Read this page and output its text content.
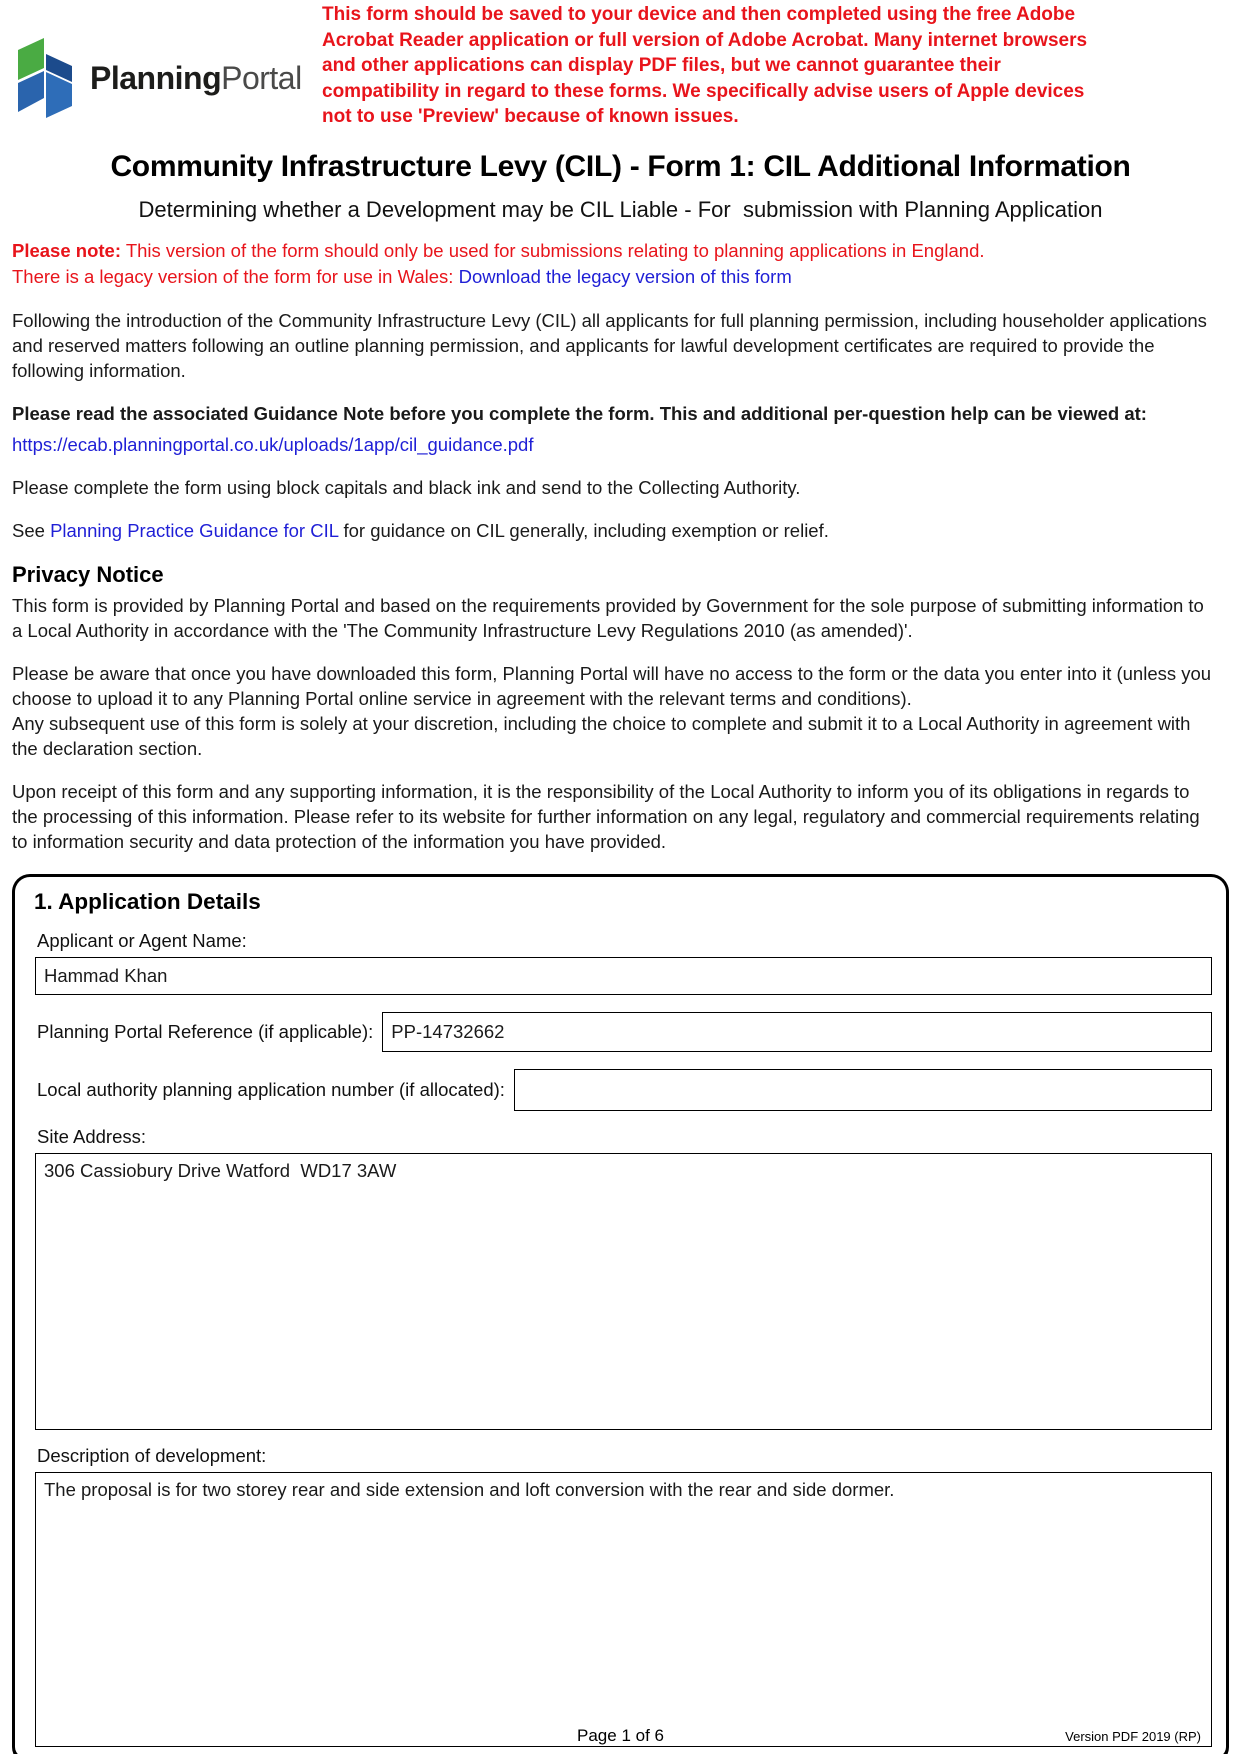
PlanningPortal

This form should be saved to your device and then completed using the free Adobe Acrobat Reader application or full version of Adobe Acrobat. Many internet browsers and other applications can display PDF files, but we cannot guarantee their compatibility in regard to these forms. We specifically advise users of Apple devices not to use 'Preview' because of known issues.

Community Infrastructure Levy (CIL) - Form 1: CIL Additional Information
Determining whether a Development may be CIL Liable - For  submission with Planning Application
Please note: This version of the form should only be used for submissions relating to planning applications in England.
There is a legacy version of the form for use in Wales: Download the legacy version of this form

Following the introduction of the Community Infrastructure Levy (CIL) all applicants for full planning permission, including householder applications and reserved matters following an outline planning permission, and applicants for lawful development certificates are required to provide the following information.

Please read the associated Guidance Note before you complete the form. This and additional per-question help can be viewed at:

https://ecab.planningportal.co.uk/uploads/1app/cil_guidance.pdf

Please complete the form using block capitals and black ink and send to the Collecting Authority.

See Planning Practice Guidance for CIL for guidance on CIL generally, including exemption or relief.

Privacy Notice

This form is provided by Planning Portal and based on the requirements provided by Government for the sole purpose of submitting information to a Local Authority in accordance with the 'The Community Infrastructure Levy Regulations 2010 (as amended)'.

Please be aware that once you have downloaded this form, Planning Portal will have no access to the form or the data you enter into it (unless you choose to upload it to any Planning Portal online service in agreement with the relevant terms and conditions).
Any subsequent use of this form is solely at your discretion, including the choice to complete and submit it to a Local Authority in agreement with the declaration section.

Upon receipt of this form and any supporting information, it is the responsibility of the Local Authority to inform you of its obligations in regards to the processing of this information. Please refer to its website for further information on any legal, regulatory and commercial requirements relating to information security and data protection of the information you have provided.

1. Application Details
Applicant or Agent Name:
Hammad Khan
Planning Portal Reference (if applicable): PP-14732662
Local authority planning application number (if allocated):
Site Address:
306 Cassiobury Drive Watford  WD17 3AW
Description of development:
The proposal is for two storey rear and side extension and loft conversion with the rear and side dormer.
Page 1 of 6	Version PDF 2019 (RP)
